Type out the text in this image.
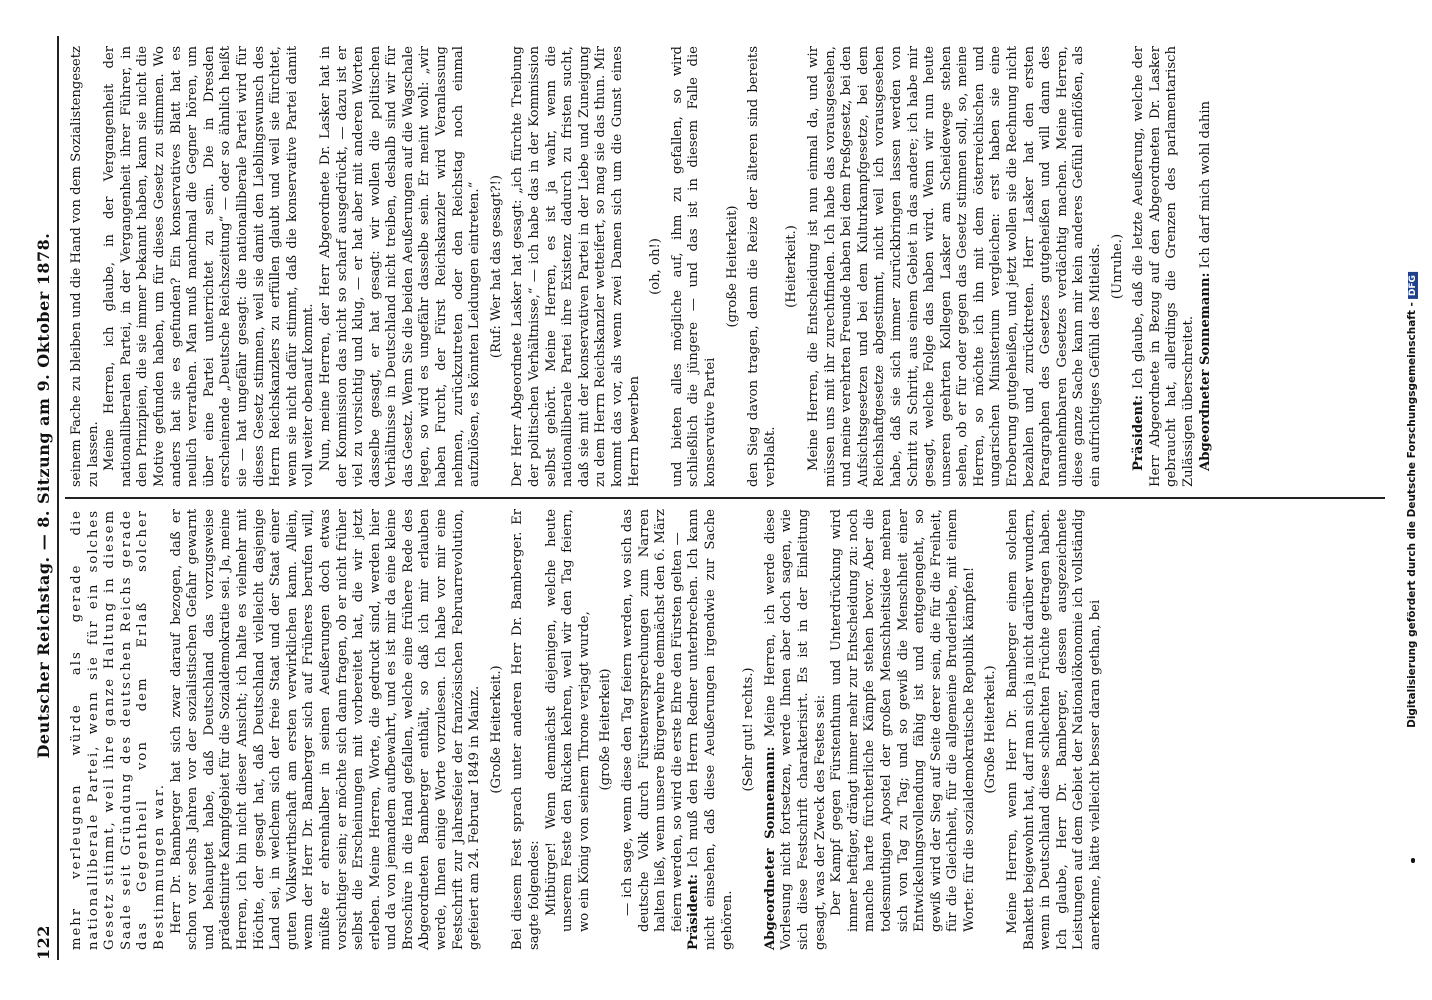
122
Deutscher Reichstag. — 8. Sitzung am 9. Oktober 1878. mehr verleugnen würde als gerade die nationalliberale Partei, wenn sie für ein solches Gesetz stimmt, weil ihre ganze Haltung in diesem Saale seit Gründung des deutschen Reichs gerade das Gegentheil von dem Erlaß solcher Bestimmungen war. Herr Dr. Bamberger hat sich zwar darauf bezogen, daß er schon vor sechs Jahren vor der sozialistischen Gefahr gewarnt und behauptet habe, daß Deutschland das vorzugsweise prädestinirte Kampfgebiet für die Sozialdemokratie sei. Ja, meine Herren, ich bin nicht dieser Ansicht; ich halte es vielmehr mit Höchte, der gesagt hat, daß Deutschland vielleicht dasjenige Land sei, in welchem sich der freie Staat und der Staat einer guten Volkswirthschaft am ersten verwirklichen kann. Allein, wenn der Herr Dr. Bamberger sich auf Früheres berufen will, müßte er ehrenhalber in seinen Aeußerungen doch etwas vorsichtiger sein; er möchte sich dann fragen, ob er nicht früher selbst die Erscheinungen mit vorbereitet hat, die wir jetzt erleben. Meine Herren, Worte, die gedruckt sind, werden hier und da von jemandem aufbewahrt, und es ist mir da eine kleine Broschüre in die Hand gefallen, welche eine frühere Rede des Abgeordneten Bamberger enthält, so daß ich mir erlauben werde, Ihnen einige Worte vorzulesen. Ich habe vor mir eine Festschrift zur Jahresfeier der französischen Februarrevolution, gefeiert am 24. Februar 1849 in Mainz. (Große Heiterkeit.) Bei diesem Fest sprach unter anderen Herr Dr. Bamberger. Er sagte folgendes: Mitbürger! Wenn demnächst diejenigen, welche heute unserem Feste den Rücken kehren, weil wir den Tag feiern, wo ein König von seinem Throne verjagt wurde, (große Heiterkeit) — ich sage, wenn diese den Tag feiern werden, wo sich das deutsche Volk durch Fürstenversprechungen zum Narren halten ließ, wenn unsere Bürgerwehre demnächst den 6. März feiern werden, so wird die erste Ehre den Fürsten gelten — Präsident: Ich muß den Herrn Redner unterbrechen. Ich kann nicht einsehen, daß diese Aeußerungen irgendwie zur Sache gehören.

(Sehr gut! rechts.)

Abgeordneter Sonnemann: Meine Herren, ich werde diese Vorlesung nicht fortsetzen, werde Ihnen aber doch sagen, wie sich diese Festschrift charakterisirt. Es ist in der Einleitung gesagt, was der Zweck des Festes sei: Der Kampf gegen Fürstenthum und Unterdrückung wird immer heftiger, drängt immer mehr zur Entscheidung zu: noch manche harte fürchterliche Kämpfe stehen bevor. Aber die todesmuthigen Apostel der großen Menschheitsidee mehren sich von Tag zu Tag; und so gewiß die Menschheit einer Entwickelungsvollendung fähig ist und entgegengeht, so gewiß wird der Sieg auf Seite derer sein, die für die Freiheit, für die Gleichheit, für die allgemeine Bruderliebe, mit einem Worte: für die sozialdemokratische Republik kämpfen! (Große Heiterkeit.) Meine Herren, wenn Herr Dr. Bamberger einem solchen Bankett beigewohnt hat, darf man sich ja nicht darüber wundern, wenn in Deutschland diese schlechten Früchte getragen haben. Ich glaube, Herr Dr. Bamberger, dessen ausgezeichnete Leistungen auf dem Gebiet der Nationalökonomie ich vollständig anerkenne, hätte vielleicht besser daran gethan, bei

seinem Fache zu bleiben und die Hand von dem Sozialistengesetz zu lassen. Meine Herren, ich glaube, in der Vergangenheit der nationalliberalen Partei, in der Vergangenheit ihrer Führer, in den Prinzipien, die sie immer bekannt haben, kann sie nicht die Motive gefunden haben, um für dieses Gesetz zu stimmen. Wo anders hat sie es gefunden? Ein konservatives Blatt hat es neulich verrathen. Man muß manchmal die Gegner hören, um über eine Partei unterrichtet zu sein. Die in Dresden erscheinende „Deutsche Reichszeitung“ — oder so ähnlich heißt sie — hat ungefähr gesagt: die nationalliberale Partei wird für dieses Gesetz stimmen, weil sie damit den Lieblingswunsch des Herrn Reichskanzlers zu erfüllen glaubt und weil sie fürchtet, wenn sie nicht dafür stimmt, daß die konservative Partei damit voll weiter obenauf kommt. Nun, meine Herren, der Herr Abgeordnete Dr. Lasker hat in der Kommission das nicht so scharf ausgedrückt, — dazu ist er viel zu vorsichtig und klug, — er hat aber mit anderen Worten dasselbe gesagt, er hat gesagt: wir wollen die politischen Verhältnisse in Deutschland nicht treiben, deshalb sind wir für das Gesetz. Wenn Sie die beiden Aeußerungen auf die Wagschale legen, so wird es ungefähr dasselbe sein. Er meint wohl: „wir haben Furcht, der Fürst Reichskanzler wird Veranlassung nehmen, zurückzutreten oder den Reichstag noch einmal aufzulösen, es könnten Leidungen eintreten.“ (Ruf: Wer hat das gesagt?!) Der Herr Abgeordnete Lasker hat gesagt: „ich fürchte Treibung der politischen Verhältnisse,“ — ich habe das in der Kommission selbst gehört. Meine Herren, es ist ja wahr, wenn die nationalliberale Partei ihre Existenz dadurch zu fristen sucht, daß sie mit der konservativen Partei in der Liebe und Zuneigung zu dem Herrn Reichskanzler wetteifert, so mag sie das thun. Mir kommt das vor, als wenn zwei Damen sich um die Gunst eines Herrn bewerben

(oh, oh!) und bieten alles mögliche auf, ihm zu gefallen, so wird schließlich die jüngere — und das ist in diesem Falle die konservative Partei

(große Heiterkeit) den Sieg davon tragen, denn die Reize der älteren sind bereits verblaßt.

(Heiterkeit.) Meine Herren, die Entscheidung ist nun einmal da, und wir müssen uns mit ihr zurechtfinden. Ich habe das vorausgesehen, und meine verehrten Freunde haben bei dem Preßgesetz, bei den Aufsichtsgesetzen und bei dem Kulturkampfgesetze, bei dem Reichshaftgesetze abgestimmt, nicht weil ich vorausgesehen habe, daß sie sich immer zurückbringen lassen werden von Schritt zu Schritt, aus einem Gebiet in das andere; ich habe mir gesagt, welche Folge das haben wird. Wenn wir nun heute unseren geehrten Kollegen Lasker am Scheidewege stehen sehen, ob er für oder gegen das Gesetz stimmen soll, so, meine Herren, so möchte ich ihn mit dem österreichischen und ungarischen Ministerium vergleichen: erst haben sie eine Eroberung gutgeheißen, und jetzt wollen sie die Rechnung nicht bezahlen und zurücktreten. Herr Lasker hat den ersten Paragraphen des Gesetzes gutgeheißen und will dann des unannehmbaren Gesetzes verdächtig machen. Meine Herren, diese ganze Sache kann mir kein anderes Gefühl einflößen, als ein aufrichtiges Gefühl des Mitleids. (Unruhe.)

Präsident: Ich glaube, daß die letzte Aeußerung, welche der Herr Abgeordnete in Bezug auf den Abgeordneten Dr. Lasker gebraucht hat, allerdings die Grenzen des parlamentarisch Zulässigen überschreitet. Abgeordneter Sonnemann: Ich darf mich wohl dahin

Digitalisierung gefördert durch die Deutsche Forschungsgemeinschaft -DFG
